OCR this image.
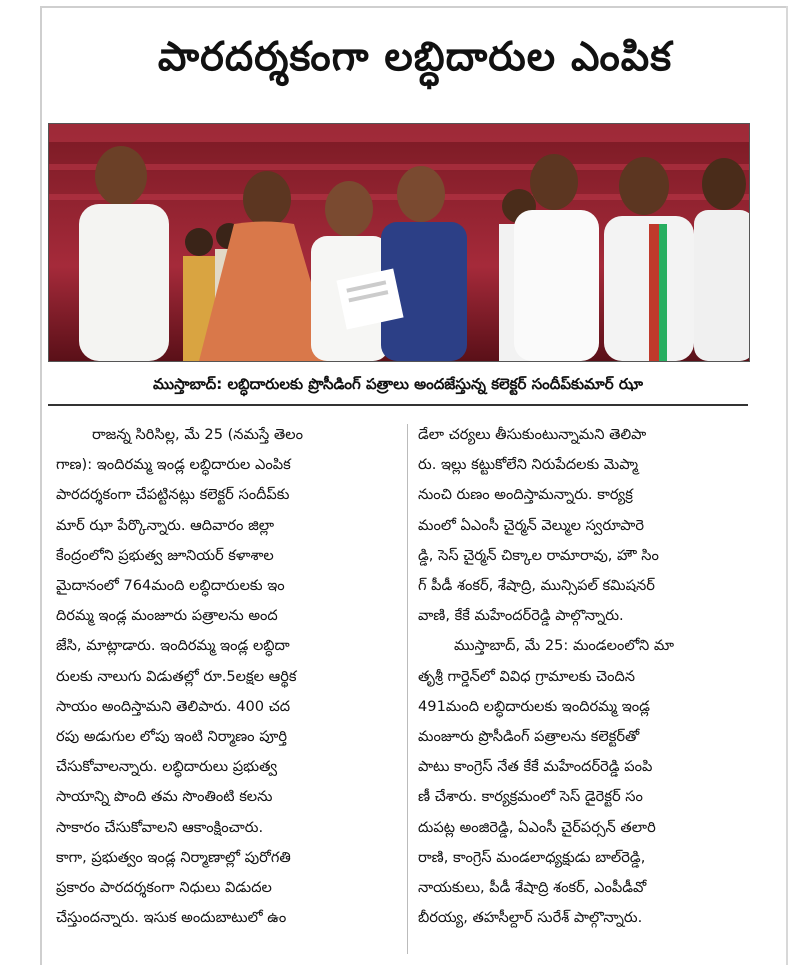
పారదర్శకంగా లబ్ధిదారుల ఎంపిక
ముస్తాబాద్‌: లబ్ధిదారులకు ప్రొసీడింగ్‌ పత్రాలు అందజేస్తున్న కలెక్టర్‌ సందీప్‌కుమార్‌ ఝా
రాజన్న సిరిసిల్ల, మే 25 (నమస్తే తెలం
గాణ): ఇందిరమ్మ ఇండ్ల లబ్ధిదారుల ఎంపిక
పారదర్శకంగా చేపట్టినట్లు కలెక్టర్‌ సందీప్‌కు
మార్‌ ఝా పేర్కొన్నారు. ఆదివారం జిల్లా
కేంద్రంలోని ప్రభుత్వ జూనియర్‌ కళాశాల
మైదానంలో 764మంది లబ్ధిదారులకు ఇం
దిరమ్మ ఇండ్ల మంజూరు పత్రాలను అంద
జేసి, మాట్లాడారు. ఇందిరమ్మ ఇండ్ల లబ్ధిదా
రులకు నాలుగు విడుతల్లో రూ.5లక్షల ఆర్థిక
సాయం అందిస్తామని తెలిపారు. 400 చద
రపు అడుగుల లోపు ఇంటి నిర్మాణం పూర్తి
చేసుకోవాలన్నారు. లబ్ధిదారులు ప్రభుత్వ
సాయాన్ని పొంది తమ సొంతింటి కలను
సాకారం చేసుకోవాలని ఆకాంక్షించారు.
కాగా, ప్రభుత్వం ఇండ్ల నిర్మాణాల్లో పురోగతి
ప్రకారం పారదర్శకంగా నిధులు విడుదల
చేస్తుందన్నారు. ఇసుక అందుబాటులో ఉం
డేలా చర్యలు తీసుకుంటున్నామని తెలిపా
రు. ఇల్లు కట్టుకోలేని నిరుపేదలకు మెప్మా
నుంచి రుణం అందిస్తామన్నారు. కార్యక్ర
మంలో ఏఎంసీ చైర్మన్‌ వెల్ముల స్వరూపారె
డ్డి, సెస్‌ చైర్మన్‌ చిక్కాల రామారావు, హౌ సిం
గ్‌ పీడీ శంకర్‌, శేషాద్రి, మున్సిపల్‌ కమిషనర్‌
వాణి, కేకే మహేందర్‌రెడ్డి పాల్గొన్నారు.
ముస్తాబాద్‌, మే 25: మండలంలోని మా
తృశ్రీ గార్డెన్‌లో వివిధ గ్రామాలకు చెందిన
491మంది లబ్ధిదారులకు ఇందిరమ్మ ఇండ్ల
మంజూరు ప్రొసీడింగ్‌ పత్రాలను కలెక్టర్‌తో
పాటు కాంగ్రెస్‌ నేత కేకే మహేందర్‌రెడ్డి పంపి
ణీ చేశారు. కార్యక్రమంలో సెస్‌ డైరెక్టర్‌ సం
దుపట్ల అంజిరెడ్డి, ఏఎంసీ చైర్‌పర్సన్‌ తలారి
రాణి, కాంగ్రెస్‌ మండలాధ్యక్షుడు బాల్‌రెడ్డి,
నాయకులు, పీడీ శేషాద్రి శంకర్‌, ఎంపీడీవో
బీరయ్య, తహసీల్దార్‌ సురేశ్‌ పాల్గొన్నారు.
